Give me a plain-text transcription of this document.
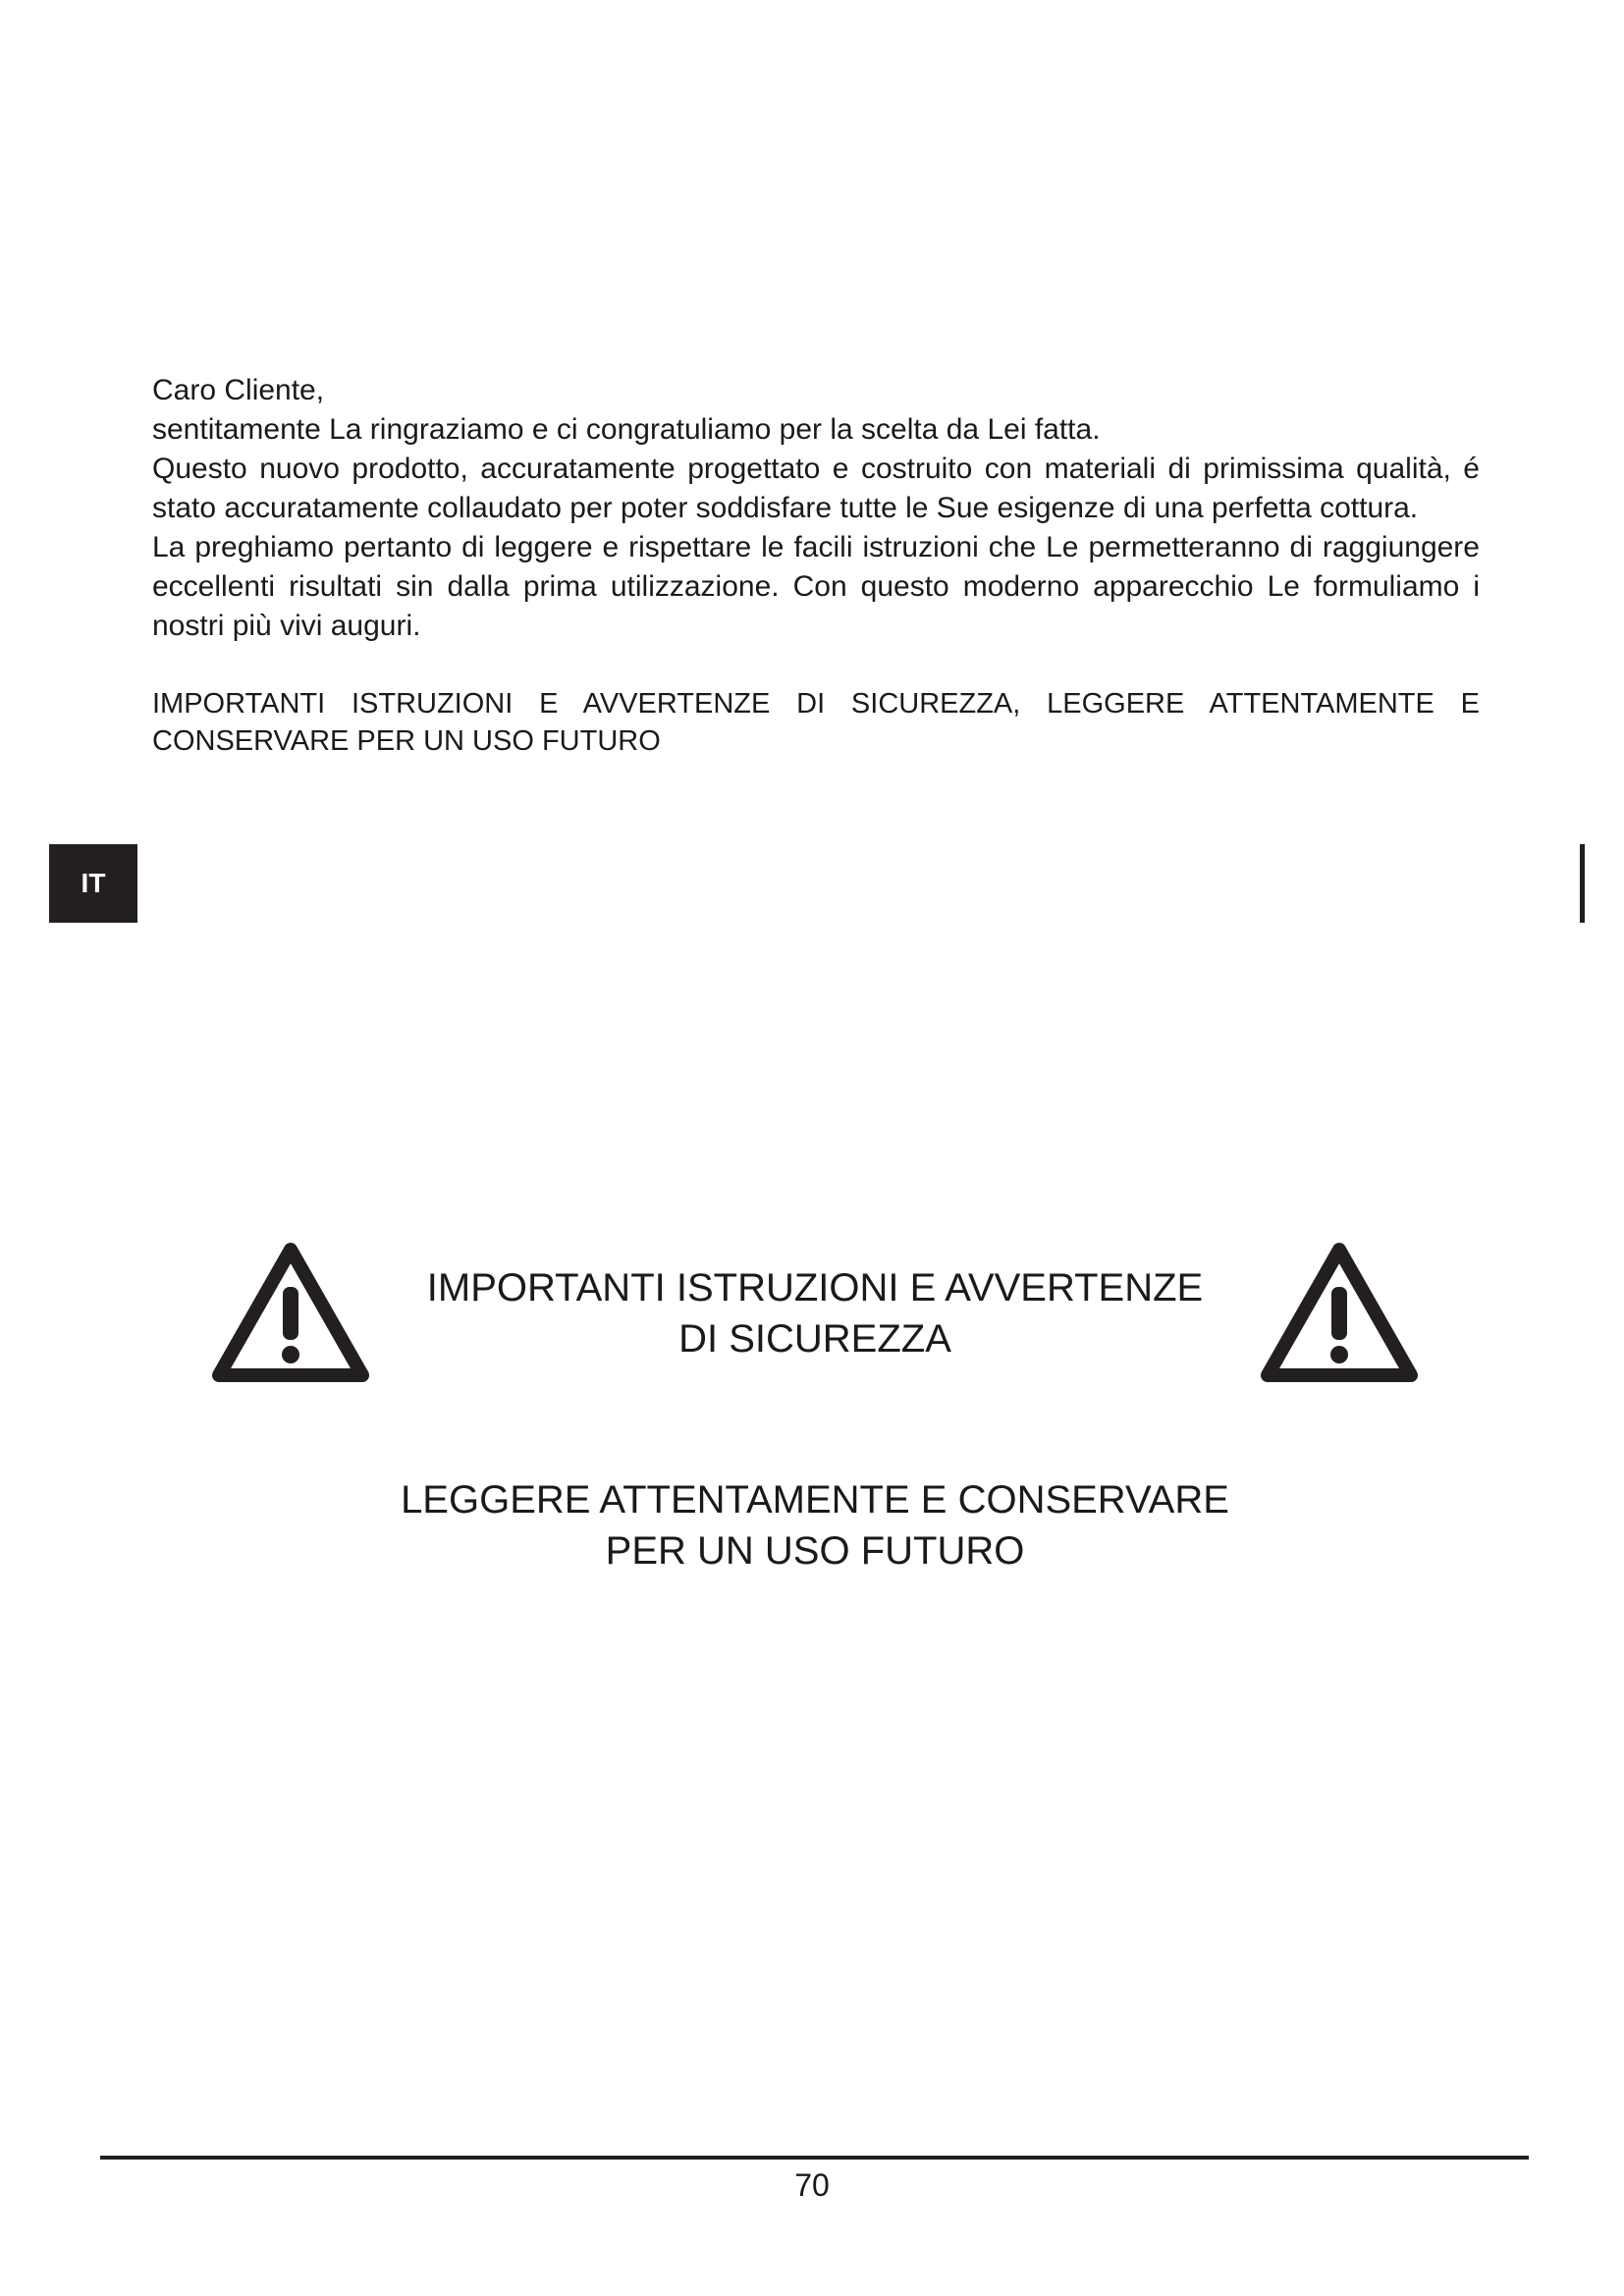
Caro Cliente,

sentitamente La ringraziamo e ci congratuliamo per la scelta da Lei fatta.

Questo nuovo prodotto, accuratamente progettato e costruito con materiali di primissima qualità, é stato accuratamente collaudato per poter soddisfare tutte le Sue esigenze di una perfetta cottura.

La preghiamo pertanto di leggere e rispettare le facili istruzioni che Le permetteranno di raggiungere eccellenti risultati sin dalla prima utilizzazione. Con questo moderno apparecchio Le formuliamo i nostri più vivi auguri.

IMPORTANTI ISTRUZIONI E AVVERTENZE DI SICUREZZA, LEGGERE ATTENTAMENTE E CONSERVARE PER UN USO FUTURO

IT
IMPORTANTI ISTRUZIONI E AVVERTENZE
DI SICUREZZA
LEGGERE ATTENTAMENTE E CONSERVARE
PER UN USO FUTURO
70
